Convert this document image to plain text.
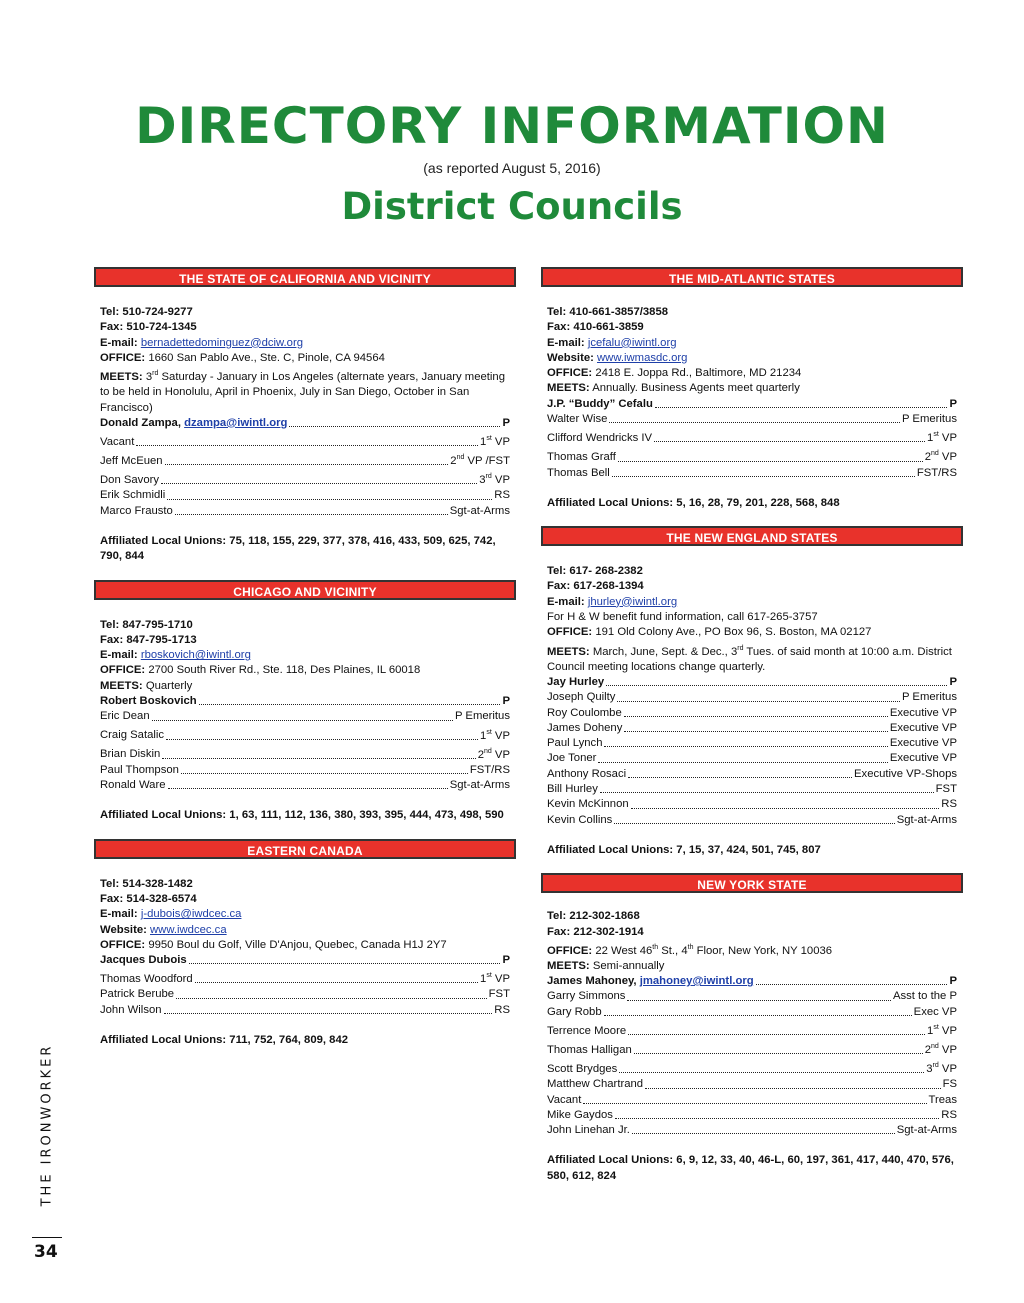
DIRECTORY INFORMATION
(as reported August 5, 2016)
District Councils
THE STATE OF CALIFORNIA AND VICINITY
Tel: 510-724-9277
Fax: 510-724-1345
E-mail: bernadettedominguez@dciw.org
OFFICE: 1660 San Pablo Ave., Ste. C, Pinole, CA 94564
MEETS: 3rd Saturday - January in Los Angeles (alternate years, January meeting to be held in Honolulu, April in Phoenix, July in San Diego, October in San Francisco)
Donald Zampa,
dzampa@iwintl.org	P
Vacant	1st VP
Jeff McEuen	2nd VP /FST
Don Savory	3rd VP
Erik Schmidli	RS
Marco Frausto	Sgt-at-Arms
Affiliated Local Unions: 75, 118, 155, 229, 377, 378, 416, 433, 509, 625, 742, 790, 844
CHICAGO AND VICINITY
Tel: 847-795-1710
Fax: 847-795-1713
E-mail: rboskovich@iwintl.org
OFFICE: 2700 South River Rd., Ste. 118, Des Plaines, IL 60018
MEETS: Quarterly
Robert Boskovich	P
Eric Dean	P Emeritus
Craig Satalic	1st VP
Brian Diskin	2nd VP
Paul Thompson	FST/RS
Ronald Ware	Sgt-at-Arms
Affiliated Local Unions: 1, 63, 111, 112, 136, 380, 393, 395, 444, 473, 498, 590
EASTERN CANADA
Tel: 514-328-1482
Fax: 514-328-6574
E-mail: j-dubois@iwdcec.ca
Website: www.iwdcec.ca
OFFICE: 9950 Boul du Golf, Ville D'Anjou, Quebec, Canada H1J 2Y7
Jacques Dubois	P
Thomas Woodford	1st VP
Patrick Berube	FST
John Wilson	RS
Affiliated Local Unions: 711, 752, 764, 809, 842
THE MID-ATLANTIC STATES
Tel: 410-661-3857/3858
Fax: 410-661-3859
E-mail: jcefalu@iwintl.org
Website: www.iwmasdc.org
OFFICE: 2418 E. Joppa Rd., Baltimore, MD 21234
MEETS: Annually. Business Agents meet quarterly
J.P. “Buddy” Cefalu	P
Walter Wise	P Emeritus
Clifford Wendricks IV	1st VP
Thomas Graff	2nd VP
Thomas Bell	FST/RS
Affiliated Local Unions: 5, 16, 28, 79, 201, 228, 568, 848
THE NEW ENGLAND STATES
Tel: 617- 268-2382
Fax: 617-268-1394
E-mail: jhurley@iwintl.org
For H & W benefit fund information, call 617-265-3757
OFFICE: 191 Old Colony Ave., PO Box 96, S. Boston, MA 02127
MEETS: March, June, Sept. & Dec., 3rd Tues. of said month at 10:00 a.m. District Council meeting locations change quarterly.
Jay Hurley	P
Joseph Quilty	P Emeritus
Roy Coulombe	Executive VP
James Doheny	Executive VP
Paul Lynch	Executive VP
Joe Toner	Executive VP
Anthony Rosaci	Executive VP-Shops
Bill Hurley	FST
Kevin McKinnon	RS
Kevin Collins	Sgt-at-Arms
Affiliated Local Unions: 7, 15, 37, 424, 501, 745, 807
NEW YORK STATE
Tel: 212-302-1868
Fax: 212-302-1914
OFFICE: 22 West 46th St., 4th Floor, New York, NY 10036
MEETS: Semi-annually
James Mahoney,
jmahoney@iwintl.org	P
Garry Simmons	Asst to the P
Gary Robb	Exec VP
Terrence Moore	1st VP
Thomas Halligan	2nd VP
Scott Brydges	3rd VP
Matthew Chartrand	FS
Vacant	Treas
Mike Gaydos	RS
John Linehan Jr.	Sgt-at-Arms
Affiliated Local Unions: 6, 9, 12, 33, 40, 46-L, 60, 197, 361, 417, 440, 470, 576, 580, 612, 824
THE IRONWORKER
34
